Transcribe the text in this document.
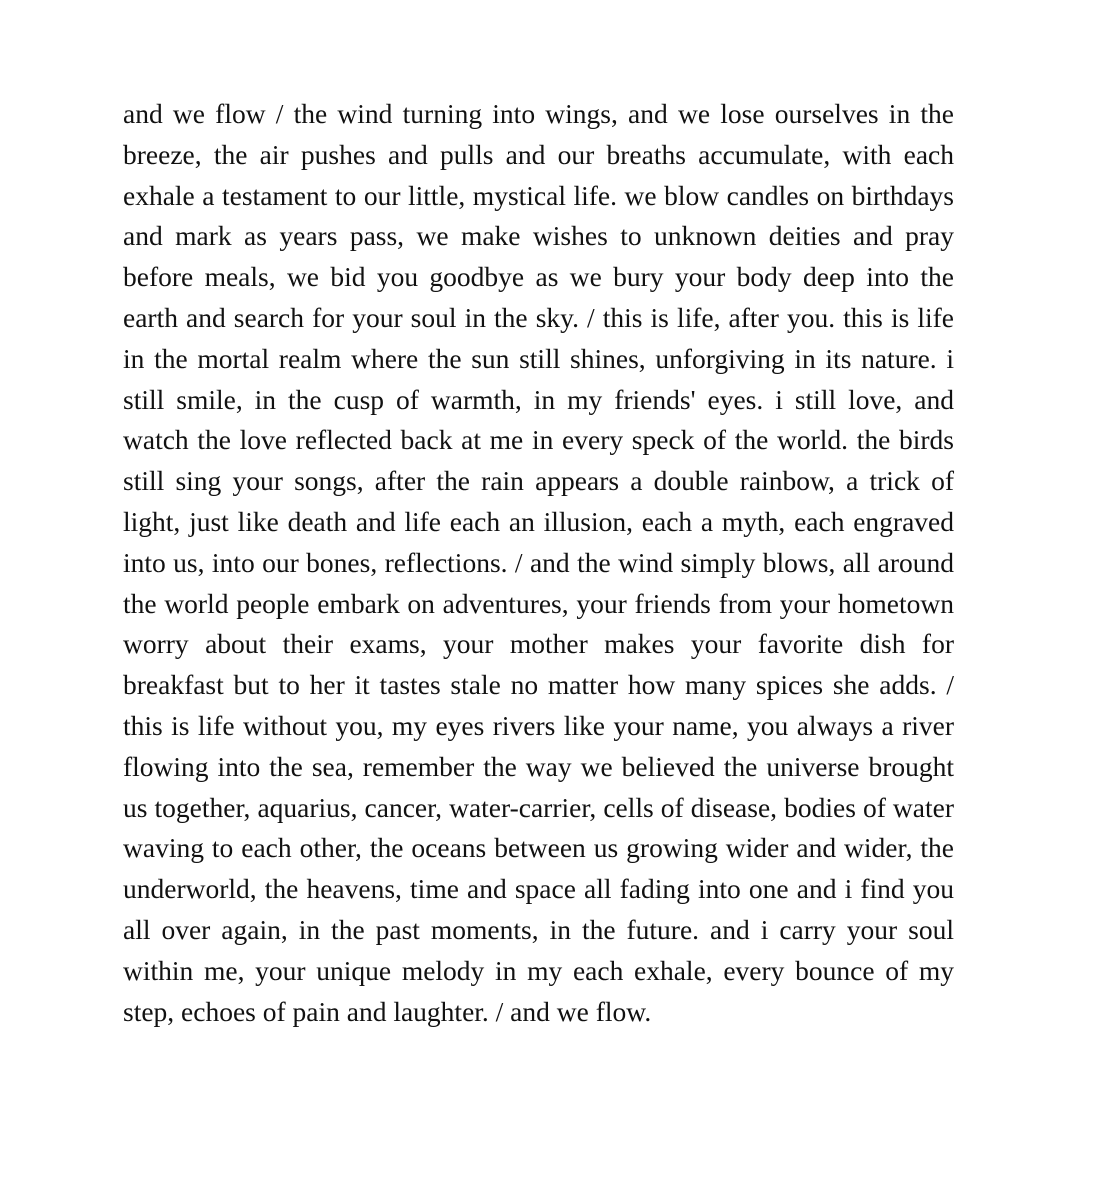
and we flow / the wind turning into wings, and we lose ourselves in the breeze, the air pushes and pulls and our breaths accumulate, with each exhale a testament to our little, mystical life. we blow candles on birthdays and mark as years pass, we make wishes to unknown deities and pray before meals, we bid you goodbye as we bury your body deep into the earth and search for your soul in the sky. / this is life, after you. this is life in the mortal realm where the sun still shines, unforgiving in its nature. i still smile, in the cusp of warmth, in my friends' eyes. i still love, and watch the love reflected back at me in every speck of the world. the birds still sing your songs, after the rain appears a double rainbow, a trick of light, just like death and life each an illusion, each a myth, each engraved into us, into our bones, reflections. / and the wind simply blows, all around the world people embark on adventures, your friends from your hometown worry about their exams, your mother makes your favorite dish for breakfast but to her it tastes stale no matter how many spices she adds. / this is life without you, my eyes rivers like your name, you always a river flowing into the sea, remember the way we believed the universe brought us together, aquarius, cancer, water-carrier, cells of disease, bodies of water waving to each other, the oceans between us growing wider and wider, the underworld, the heavens, time and space all fading into one and i find you all over again, in the past moments, in the future. and i carry your soul within me, your unique melody in my each exhale, every bounce of my step, echoes of pain and laughter. / and we flow.
